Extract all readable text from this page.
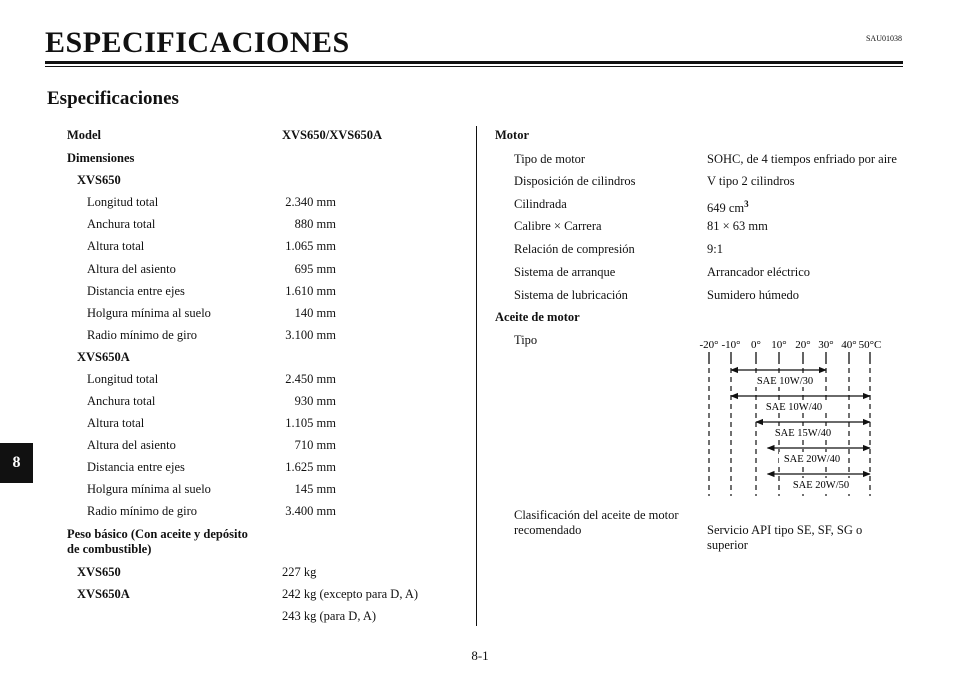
ESPECIFICACIONES	SAU01038
Especificaciones
8
Model	XVS650/XVS650A
Dimensiones
XVS650
Longitud total	2.340 mm
Anchura total	880 mm
Altura total	1.065 mm
Altura del asiento	695 mm
Distancia entre ejes	1.610 mm
Holgura mínima al suelo	140 mm
Radio mínimo de giro	3.100 mm
XVS650A
Longitud total	2.450 mm
Anchura total	930 mm
Altura total	1.105 mm
Altura del asiento	710 mm
Distancia entre ejes	1.625 mm
Holgura mínima al suelo	145 mm
Radio mínimo de giro	3.400 mm
Peso básico (Con aceite y depósito de combustible)
XVS650	227 kg
XVS650A	242 kg (excepto para D, A)
243 kg (para D, A)
Motor
Tipo de motor	SOHC, de 4 tiempos enfriado por aire
Disposición de cilindros	V tipo 2 cilindros
Cilindrada	649 $cm^3$
Calibre × Carrera	81 × 63 mm
Relación de compresión	9:1
Sistema de arranque	Arrancador eléctrico
Sistema de lubricación	Sumidero húmedo
Aceite de motor
Tipo	-20° -10° 0° 10° 20° 30° 40° 50°C
SAE 10W/30
SAE 10W/40
SAE 15W/40
SAE 20W/40
SAE 20W/50
Clasificación del aceite de motor recomendado	Servicio API tipo SE, SF, SG o superior
8-1
